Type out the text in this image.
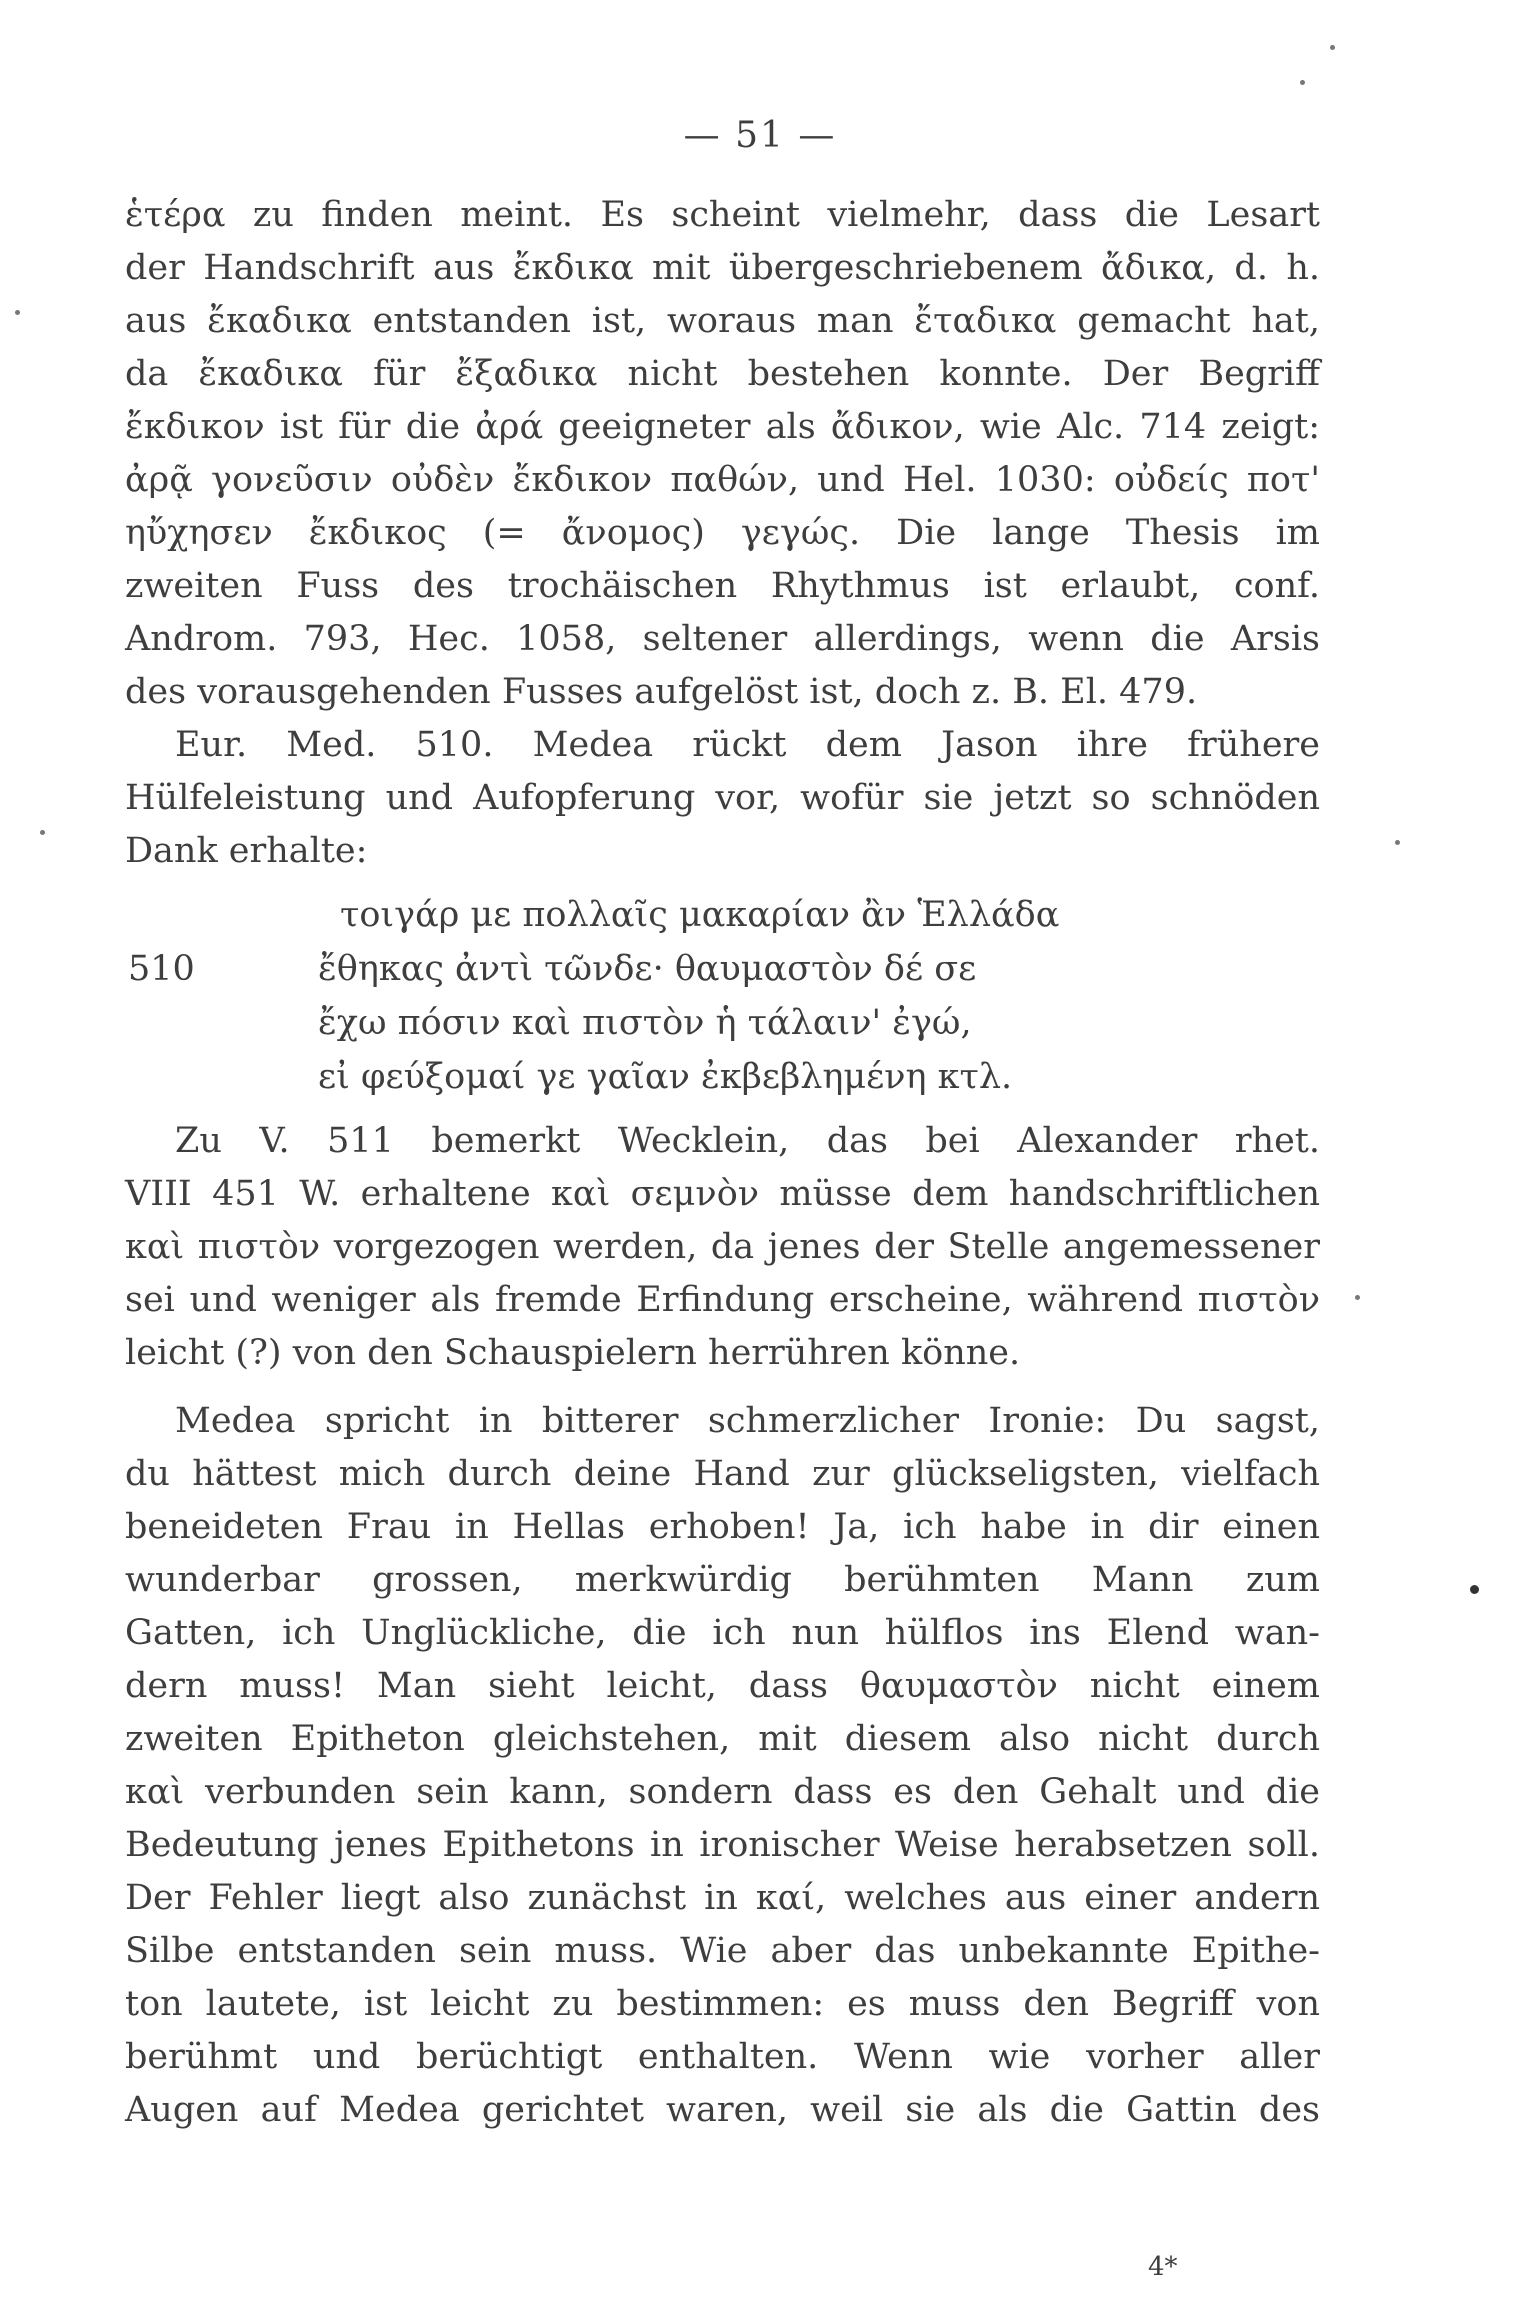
— 51 —
ἑτέρα zu finden meint. Es scheint vielmehr, dass die Lesart
der Handschrift aus ἔκδικα mit übergeschriebenem ἄδικα, d. h.
aus ἔκαδικα entstanden ist, woraus man ἔταδικα gemacht hat,
da ἔκαδικα für ἔξαδικα nicht bestehen konnte. Der Begriff
ἔκδικον ist für die ἀρά geeigneter als ἄδικον, wie Alc. 714 zeigt:
ἀρᾷ γονεῦσιν οὐδὲν ἔκδικον παθών, und Hel. 1030: οὐδείς ποτ'
ηὔχησεν ἔκδικος (= ἄνομος) γεγώς. Die lange Thesis im
zweiten Fuss des trochäischen Rhythmus ist erlaubt, conf.
Androm. 793, Hec. 1058, seltener allerdings, wenn die Arsis
des vorausgehenden Fusses aufgelöst ist, doch z. B. El. 479.
Eur. Med. 510. Medea rückt dem Jason ihre frühere
Hülfeleistung und Aufopferung vor, wofür sie jetzt so schnöden
Dank erhalte:
τοιγάρ με πολλαῖς μακαρίαν ἂν Ἑλλάδα
510	ἔθηκας ἀντὶ τῶνδε· θαυμαστὸν δέ σε
ἔχω πόσιν καὶ πιστὸν ἡ τάλαιν' ἐγώ,
εἰ φεύξομαί γε γαῖαν ἐκβεβλημένη κτλ.
Zu V. 511 bemerkt Wecklein, das bei Alexander rhet.
VIII 451 W. erhaltene καὶ σεμνὸν müsse dem handschriftlichen
καὶ πιστὸν vorgezogen werden, da jenes der Stelle angemessener
sei und weniger als fremde Erfindung erscheine, während πιστὸν
leicht (?) von den Schauspielern herrühren könne.
Medea spricht in bitterer schmerzlicher Ironie: Du sagst,
du hättest mich durch deine Hand zur glückseligsten, vielfach
beneideten Frau in Hellas erhoben! Ja, ich habe in dir einen
wunderbar grossen, merkwürdig berühmten Mann zum
Gatten, ich Unglückliche, die ich nun hülflos ins Elend wan-
dern muss! Man sieht leicht, dass θαυμαστὸν nicht einem
zweiten Epitheton gleichstehen, mit diesem also nicht durch
καὶ verbunden sein kann, sondern dass es den Gehalt und die
Bedeutung jenes Epithetons in ironischer Weise herabsetzen soll.
Der Fehler liegt also zunächst in καί, welches aus einer andern
Silbe entstanden sein muss. Wie aber das unbekannte Epithe-
ton lautete, ist leicht zu bestimmen: es muss den Begriff von
berühmt und berüchtigt enthalten. Wenn wie vorher aller
Augen auf Medea gerichtet waren, weil sie als die Gattin des
4*
